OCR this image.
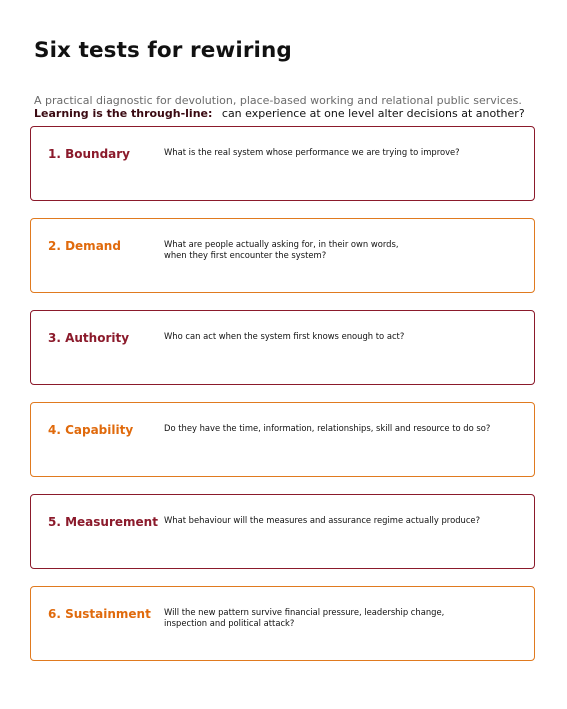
Six tests for rewiring
A practical diagnostic for devolution, place-based working and relational public services.
Learning is the through-line: can experience at one level alter decisions at another?
1. Boundary	What is the real system whose performance we are trying to improve?
2. Demand	What are people actually asking for, in their own words,
when they first encounter the system?
3. Authority	Who can act when the system first knows enough to act?
4. Capability	Do they have the time, information, relationships, skill and resource to do so?
5. Measurement What behaviour will the measures and assurance regime actually produce?
6. Sustainment Will the new pattern survive financial pressure, leadership change,
inspection and political attack?
